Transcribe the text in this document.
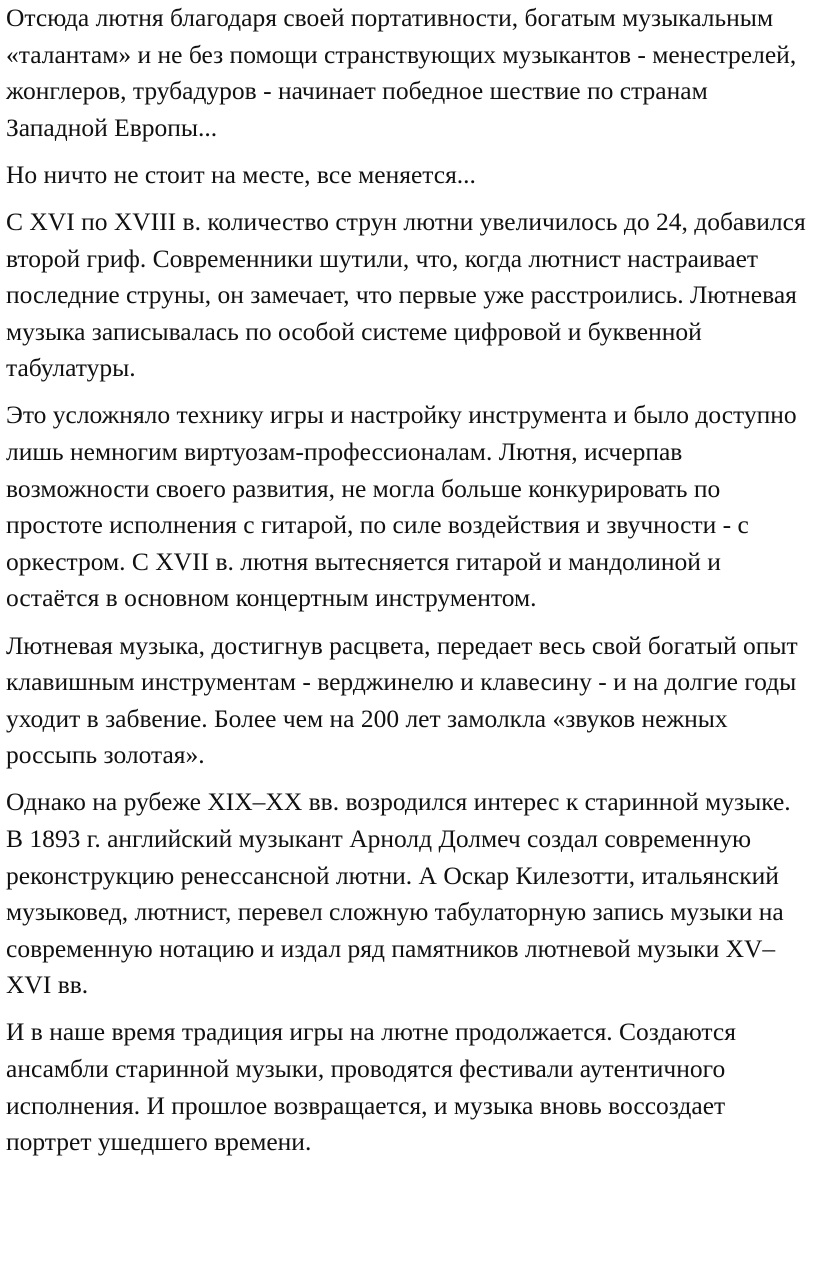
Отсюда лютня благодаря своей портативности, богатым музыкальным «талантам» и не без помощи странствующих музыкантов - менестрелей, жонглеров, трубадуров - начинает победное шествие по странам Западной Европы...

Но ничто не стоит на месте, все меняется...

С XVI по XVIII в. количество струн лютни увеличилось до 24, добавился второй гриф. Современники шутили, что, когда лютнист настраивает последние струны, он замечает, что первые уже расстроились. Лютневая музыка записывалась по особой системе цифровой и буквенной табулатуры.

Это усложняло технику игры и настройку инструмента и было доступно лишь немногим виртуозам-профессионалам. Лютня, исчерпав возможности своего развития, не могла больше конкурировать по простоте исполнения с гитарой, по силе воздействия и звучности - с оркестром. С XVII в. лютня вытесняется гитарой и мандолиной и остаётся в основном концертным инструментом.

Лютневая музыка, достигнув расцвета, передает весь свой богатый опыт клавишным инструментам - верджинелю и клавесину - и на долгие годы уходит в забвение. Более чем на 200 лет замолкла «звуков нежных россыпь золотая».

Однако на рубеже XIX–XX вв. возродился интерес к старинной музыке. В 1893 г. английский музыкант Арнолд Долмеч создал современную реконструкцию ренессансной лютни. А Оскар Килезотти, итальянский музыковед, лютнист, перевел сложную табулаторную запись музыки на современную нотацию и издал ряд памятников лютневой музыки XV–XVI вв.

И в наше время традиция игры на лютне продолжается. Создаются ансамбли старинной музыки, проводятся фестивали аутентичного исполнения. И прошлое возвращается, и музыка вновь воссоздает портрет ушедшего времени.
